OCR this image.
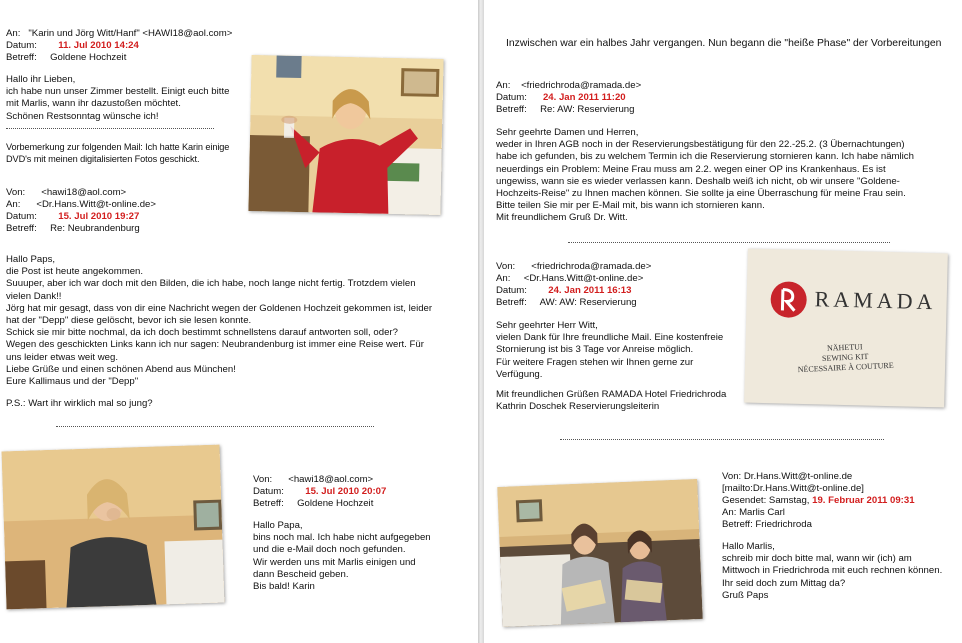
An: "Karin und Jörg Witt/Hanf" <HAWI18@aol.com>

Datum: 11. Jul 2010 14:24

Betreff: Goldene Hochzeit

Hallo ihr Lieben,
ich habe nun unser Zimmer bestellt. Einigt euch bitte
mit Marlis, wann ihr dazustoßen möchtet.
Schönen Restsonntag wünsche ich!

Vorbemerkung zur folgenden Mail: Ich hatte Karin einige
DVD's mit meinen digitalisierten Fotos geschickt.

Von: <hawi18@aol.com>

An: <Dr.Hans.Witt@t-online.de>

Datum: 15. Jul 2010 19:27

Betreff: Re: Neubrandenburg

Hallo Paps,
die Post ist heute angekommen.
Suuuper, aber ich war doch mit den Bilden, die ich habe, noch lange nicht fertig. Trotzdem vielen
vielen Dank!!
Jörg hat mir gesagt, dass von dir eine Nachricht wegen der Goldenen Hochzeit gekommen ist, leider
hat der "Depp" diese gelöscht, bevor ich sie lesen konnte.
Schick sie mir bitte nochmal, da ich doch bestimmt schnellstens darauf antworten soll, oder?
Wegen des geschickten Links kann ich nur sagen: Neubrandenburg ist immer eine Reise wert. Für
uns leider etwas weit weg.
Liebe Grüße und einen schönen Abend aus München!
Eure Kallimaus und der "Depp"

P.S.: Wart ihr wirklich mal so jung?

Von: <hawi18@aol.com>

Datum: 15. Jul 2010 20:07

Betreff: Goldene Hochzeit

Hallo Papa,
bins noch mal. Ich habe nicht aufgegeben
und die e-Mail doch noch gefunden.
Wir werden uns mit Marlis einigen und
dann Bescheid geben.
Bis bald! Karin

Inzwischen war ein halbes Jahr vergangen. Nun begann die "heiße Phase" der Vorbereitungen

An: <friedrichroda@ramada.de>

Datum: 24. Jan 2011 11:20

Betreff: Re: AW: Reservierung

Sehr geehrte Damen und Herren,
weder in Ihren AGB noch in der Reservierungsbestätigung für den 22.-25.2. (3 Übernachtungen)
habe ich gefunden, bis zu welchem Termin ich die Reservierung stornieren kann. Ich habe nämlich
neuerdings ein Problem: Meine Frau muss am 2.2. wegen einer OP ins Krankenhaus. Es ist
ungewiss, wann sie es wieder verlassen kann. Deshalb weiß ich nicht, ob wir unsere "Goldene-
Hochzeits-Reise" zu Ihnen machen können. Sie sollte ja eine Überraschung für meine Frau sein.
Bitte teilen Sie mir per E-Mail mit, bis wann ich stornieren kann.
Mit freundlichem Gruß Dr. Witt.

Von: <friedrichroda@ramada.de>

An: <Dr.Hans.Witt@t-online.de>

Datum: 24. Jan 2011 16:13

Betreff: AW: AW: Reservierung

Sehr geehrter Herr Witt,
vielen Dank für Ihre freundliche Mail. Eine kostenfreie
Stornierung ist bis 3 Tage vor Anreise möglich.
Für weitere Fragen stehen wir Ihnen gerne zur
Verfügung.

Mit freundlichen Grüßen RAMADA Hotel Friedrichroda
Kathrin Doschek Reservierungsleiterin

RAMADA
NÄHETUI
SEWING KIT
NÉCESSAIRE À COUTURE

Von: Dr.Hans.Witt@t-online.de

[mailto:Dr.Hans.Witt@t-online.de]

Gesendet: Samstag, 19. Februar 2011 09:31

An: Marlis Carl

Betreff: Friedrichroda

Hallo Marlis,
schreib mir doch bitte mal, wann wir (ich) am
Mittwoch in Friedrichroda mit euch rechnen können.
Ihr seid doch zum Mittag da?
Gruß Paps
